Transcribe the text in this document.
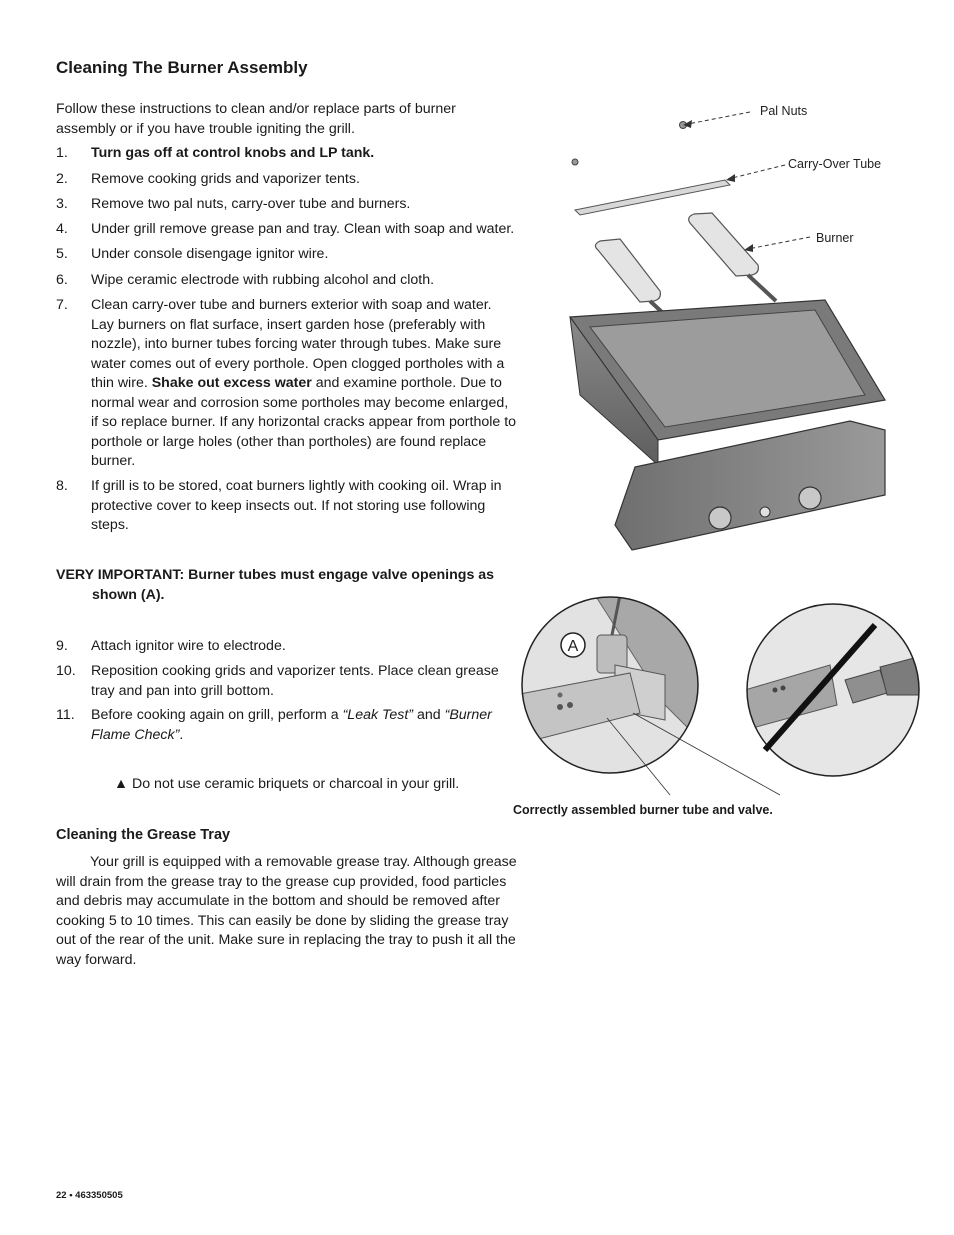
Cleaning The Burner Assembly
Follow these instructions to clean and/or replace parts of burner assembly or if you have trouble igniting the grill.
1. Turn gas off at control knobs and LP tank.
2. Remove cooking grids and vaporizer tents.
3. Remove two pal nuts, carry-over tube and burners.
4. Under grill remove grease pan and tray. Clean with soap and water.
5. Under console disengage ignitor wire.
6. Wipe ceramic electrode with rubbing alcohol and cloth.
7. Clean carry-over tube and burners exterior with soap and water. Lay burners on flat surface, insert garden hose (preferably with nozzle), into burner tubes forcing water through tubes. Make sure water comes out of every porthole. Open clogged portholes with a thin wire. Shake out excess water and examine porthole. Due to normal wear and corrosion some portholes may become enlarged, if so replace burner. If any horizontal cracks appear from porthole to porthole or large holes (other than portholes) are found replace burner.
8. If grill is to be stored, coat burners lightly with cooking oil. Wrap in protective cover to keep insects out. If not storing use following steps.
VERY IMPORTANT: Burner tubes must engage valve openings as
shown (A).
9. Attach ignitor wire to electrode.
10. Reposition cooking grids and vaporizer tents. Place clean grease tray and pan into grill bottom.
11. Before cooking again on grill, perform a “Leak Test” and “Burner Flame Check”.
▲ Do not use ceramic briquets or charcoal in your grill.
Cleaning the Grease Tray
Your grill is equipped with a removable grease tray. Although grease will drain from the grease tray to the grease cup provided, food particles and debris may accumulate in the bottom and should be removed after cooking 5 to 10 times. This can easily be done by sliding the grease tray out of the rear of the unit. Make sure in replacing the tray to push it all the way forward.
Pal Nuts
Carry-Over Tube
Burner
A
Correctly assembled burner tube and valve.
22 • 463350505
